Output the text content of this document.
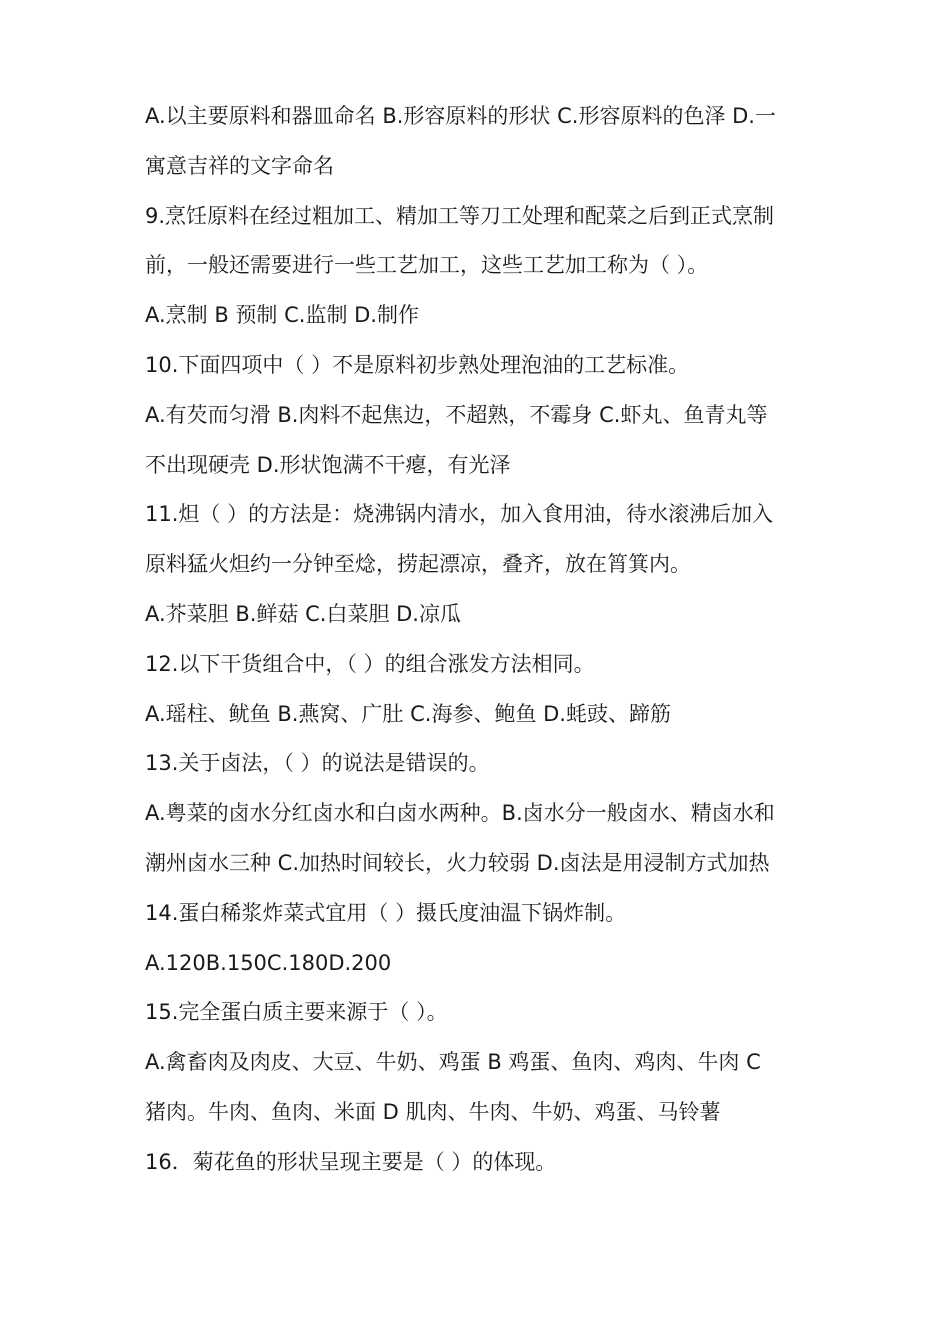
A.以主要原料和器皿命名 B.形容原料的形状 C.形容原料的色泽 D.一
寓意吉祥的文字命名
9.烹饪原料在经过粗加工、精加工等刀工处理和配菜之后到正式烹制
前，一般还需要进行一些工艺加工，这些工艺加工称为（ ）。
A.烹制 B 预制 C.监制 D.制作
10.下面四项中（ ）不是原料初步熟处理泡油的工艺标准。
A.有芡而匀滑 B.肉料不起焦边，不超熟，不霉身 C.虾丸、鱼青丸等
不出现硬壳 D.形状饱满不干瘪，有光泽
11.炟（ ）的方法是：烧沸锅内清水，加入食用油，待水滚沸后加入
原料猛火炟约一分钟至焾，捞起漂凉，叠齐，放在筲箕内。
A.芥菜胆 B.鲜菇 C.白菜胆 D.凉瓜
12.以下干货组合中，（ ）的组合涨发方法相同。
A.瑶柱、鱿鱼 B.燕窝、广肚 C.海参、鲍鱼 D.蚝豉、蹄筋
13.关于卤法，（ ）的说法是错误的。
A.粤菜的卤水分红卤水和白卤水两种。B.卤水分一般卤水、精卤水和
潮州卤水三种 C.加热时间较长，火力较弱 D.卤法是用浸制方式加热
14.蛋白稀浆炸菜式宜用（ ）摄氏度油温下锅炸制。
A.120B.150C.180D.200
15.完全蛋白质主要来源于（ ）。
A.禽畜肉及肉皮、大豆、牛奶、鸡蛋 B 鸡蛋、鱼肉、鸡肉、牛肉 C
猪肉。牛肉、鱼肉、米面 D 肌肉、牛肉、牛奶、鸡蛋、马铃薯
16．菊花鱼的形状呈现主要是（ ）的体现。
